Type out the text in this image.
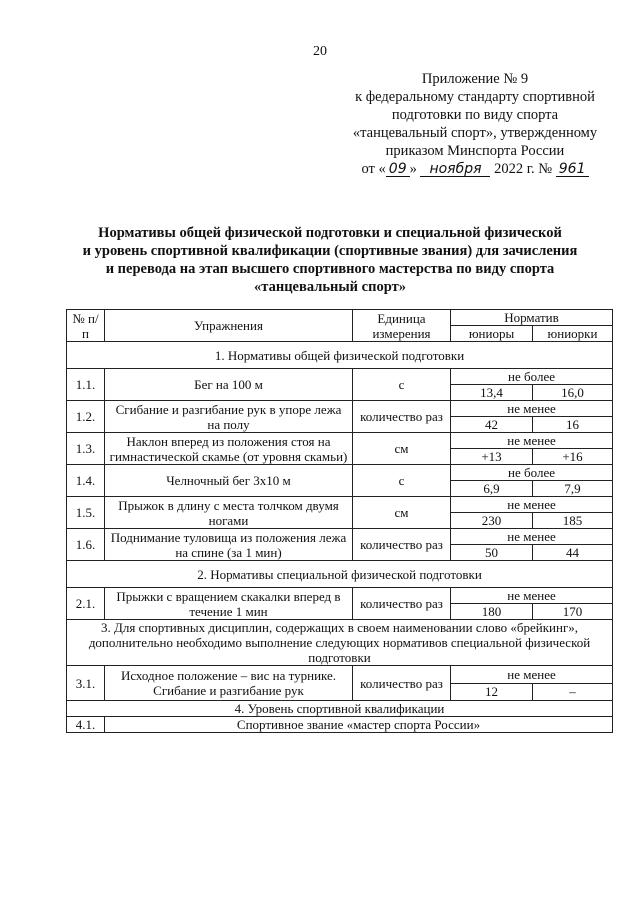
20
Приложение № 9
к федеральному стандарту спортивной
подготовки по виду спорта
«танцевальный спорт», утвержденному
приказом Минспорта России
от « 09 » ноября 2022 г. № 961
Нормативы общей физической подготовки и специальной физической
и уровень спортивной квалификации (спортивные звания) для зачисления
и перевода на этап высшего спортивного мастерства по виду спорта
«танцевальный спорт»
№ п/п	Упражнения	Единица измерения	Норматив	
			юниоры	юниорки
1. Нормативы общей физической подготовки				
1.1.	Бег на 100 м	с	не более	
			13,4	16,0
1.2.	Сгибание и разгибание рук в упоре лежа на полу	количество раз	не менее	
			42	16
1.3.	Наклон вперед из положения стоя на гимнастической скамье (от уровня скамьи)	см	не менее	
			+13	+16
1.4.	Челночный бег 3х10 м	с	не более	
			6,9	7,9
1.5.	Прыжок в длину с места толчком двумя ногами	см	не менее	
			230	185
1.6.	Поднимание туловища из положения лежа на спине (за 1 мин)	количество раз	не менее	
			50	44
2. Нормативы специальной физической подготовки				
2.1.	Прыжки с вращением скакалки вперед в течение 1 мин	количество раз	не менее	
			180	170
3. Для спортивных дисциплин, содержащих в своем наименовании слово «брейкинг», дополнительно необходимо выполнение следующих нормативов специальной физической подготовки				
3.1.	Исходное положение – вис на турнике. Сгибание и разгибание рук	количество раз	не менее	
			12	–
4. Уровень спортивной квалификации				
4.1.	Спортивное звание «мастер спорта России»			
